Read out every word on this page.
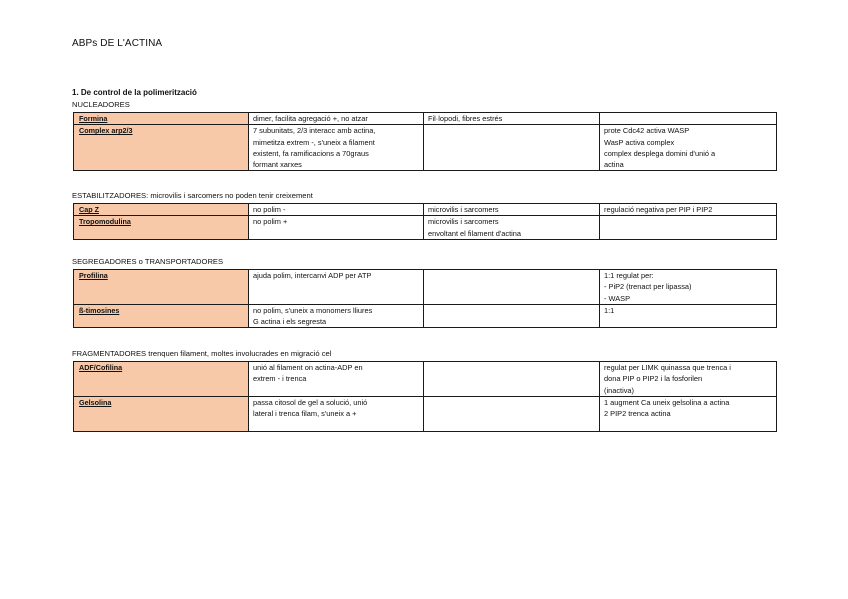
ABPs DE L'ACTINA
1. De control de la polimerització
NUCLEADORES
Formina	dimer, facilita agregació +, no atzar	Fil·lopodi, fibres estrés	

Complex arp2/3	7 subunitats, 2/3 interacc amb actina,
mimetitza extrem -, s'uneix a filament
existent, fa ramificacions a 70graus
formant xarxes		prote Cdc42 activa WASP
WasP activa complex
complex desplega domini d'unió a
actina
ESTABILITZADORES: microvilis i sarcomers no poden tenir creixement
Cap Z	no polim -	microvilis i sarcomers	regulació negativa per PIP i PIP2

Tropomodulina	no polim +	microvilis i sarcomers
envoltant el filament d'actina	

SEGREGADORES o TRANSPORTADORES
Profilina	ajuda polim, intercanvi ADP per ATP		1:1 regulat per:
- PiP2 (trenact per lipassa)
- WASP

ß-timosines	no polim, s'uneix a monomers lliures
G actina i els segresta		1:1
FRAGMENTADORES trenquen filament, moltes involucrades en migració cel
ADF/Cofilina	unió al filament on actina-ADP en
extrem - i trenca		regulat per LIMK quinassa que trenca i
dona PIP o PIP2 i la fosforilen
(inactiva)

Gelsolina	passa citosol de gel a solució, unió
lateral i trenca filam, s'uneix a +		1 augment Ca uneix gelsolina a actina
2 PIP2 trenca actina
